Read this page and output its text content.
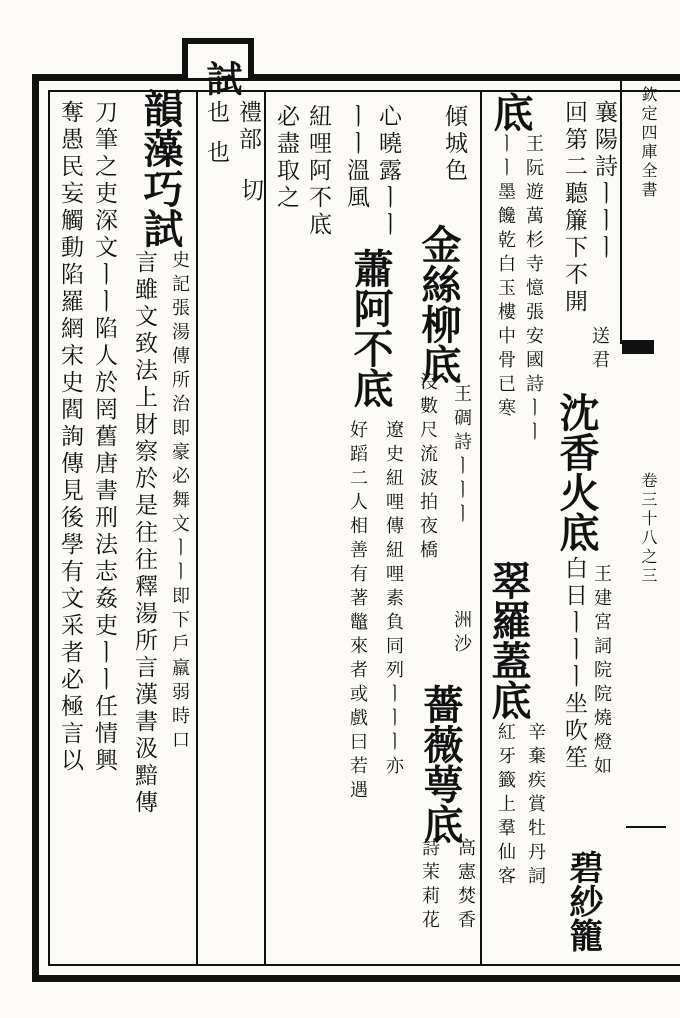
欽定四庫全書
卷三十八之三
試
襄陽詩ㅣㅣㅣ
回第二聽簾下不開
送君
沈香火底
王建宮詞院院燒燈如
白日ㅣㅣㅣ坐吹笙
碧紗籠
底
王阮遊萬杉寺憶張安國詩ㅣㅣ
翠羅蓋底
辛棄疾賞牡丹詞
ㅣㅣ墨饞乾白玉樓中骨已寒
紅牙籤上羣仙客
傾城色
金絲柳底
王碉詩ㅣㅣㅣ
洲沙
薔薇萼底
高憲焚香
沒數尺流波拍夜橋
詩茉莉花
心曉露ㅣㅣ
蕭阿不底
遼史紐哩傳紐哩素負同列ㅣㅣㅣ亦
ㅣㅣ溫風
好蹈二人相善有著鼈來者或戲曰若遇
紐哩阿不底
必盡取之
禮部
切
也
也
韻藻巧試
史記張湯傳所治即豪必舞文ㅣㅣ即下戶羸弱時口
言雖文致法上財察於是往往釋湯所言漢書汲黯傳
刀筆之吏深文ㅣㅣ陷人於罔舊唐書刑法志姦吏ㅣㅣ任情興
奪愚民妄觸動陷羅網宋史閻詢傳見後學有文采者必極言以
